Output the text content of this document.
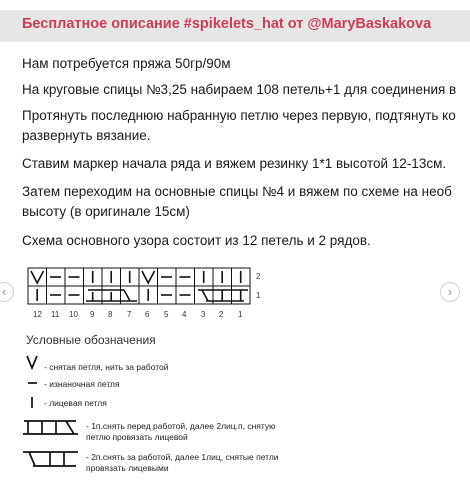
Бесплатное описание #spikelets_hat от @MaryBaskakova
Нам потребуется пряжа 50гр/90м
На круговые спицы №3,25 набираем 108 петель+1 для соединения в
Протянуть последнюю набранную петлю через первую, подтянуть ко
развернуть вязание.
Ставим маркер начала ряда и вяжем резинку 1*1 высотой 12-13см.
Затем переходим на основные спицы №4 и вяжем по схеме на необ
высоту (в оригинале 15см)
Схема основного узора состоит из 12 петель и 2 рядов.
‹	›
2
1
12 11 10 9 8 7 6 5 4 3 2 1
Условные обозначения
- снятая петля, нить за работой
- изнаночная петля
- лицевая петля
- 1п.снять перед работой, далее 2лиц.п, снятую
петлю провязать лицевой
- 2п.снять за работой, далее 1лиц, снятые петли
провязать лицевыми
